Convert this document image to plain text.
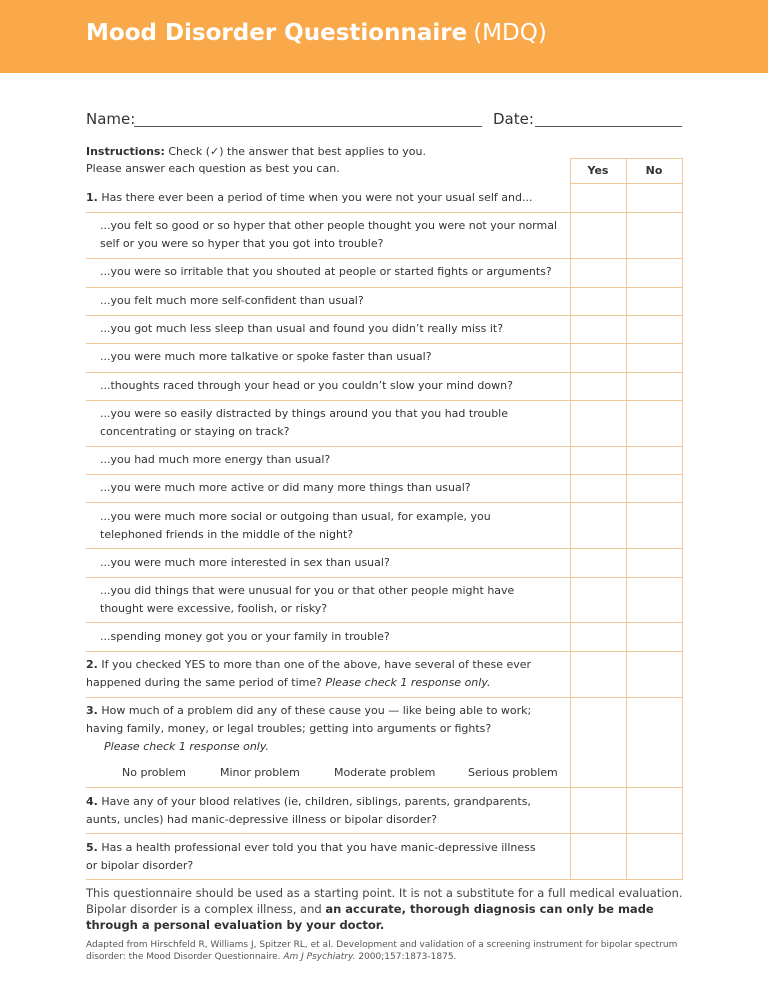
Mood Disorder Questionnaire (MDQ)
Name:	Date:
Instructions: Check (✓) the answer that best applies to you.
Please answer each question as best you can.	Yes	No
1. Has there ever been a period of time when you were not your usual self and...
...you felt so good or so hyper that other people thought you were not your normal self or you were so hyper that you got into trouble?
...you were so irritable that you shouted at people or started fights or arguments?
...you felt much more self-confident than usual?
...you got much less sleep than usual and found you didn’t really miss it?
...you were much more talkative or spoke faster than usual?
...thoughts raced through your head or you couldn’t slow your mind down?
...you were so easily distracted by things around you that you had trouble concentrating or staying on track?
...you had much more energy than usual?
...you were much more active or did many more things than usual?
...you were much more social or outgoing than usual, for example, you telephoned friends in the middle of the night?
...you were much more interested in sex than usual?
...you did things that were unusual for you or that other people might have thought were excessive, foolish, or risky?
...spending money got you or your family in trouble?
2. If you checked YES to more than one of the above, have several of these ever happened during the same period of time? Please check 1 response only.
3. How much of a problem did any of these cause you — like being able to work; having family, money, or legal troubles; getting into arguments or fights?
Please check 1 response only.
No problem	Minor problem	Moderate problem	Serious problem
4. Have any of your blood relatives (ie, children, siblings, parents, grandparents, aunts, uncles) had manic-depressive illness or bipolar disorder?
5. Has a health professional ever told you that you have manic-depressive illness or bipolar disorder?
This questionnaire should be used as a starting point. It is not a substitute for a full medical evaluation. Bipolar disorder is a complex illness, and an accurate, thorough diagnosis can only be made through a personal evaluation by your doctor.
Adapted from Hirschfeld R, Williams J, Spitzer RL, et al. Development and validation of a screening instrument for bipolar spectrum disorder: the Mood Disorder Questionnaire. Am J Psychiatry. 2000;157:1873-1875.
